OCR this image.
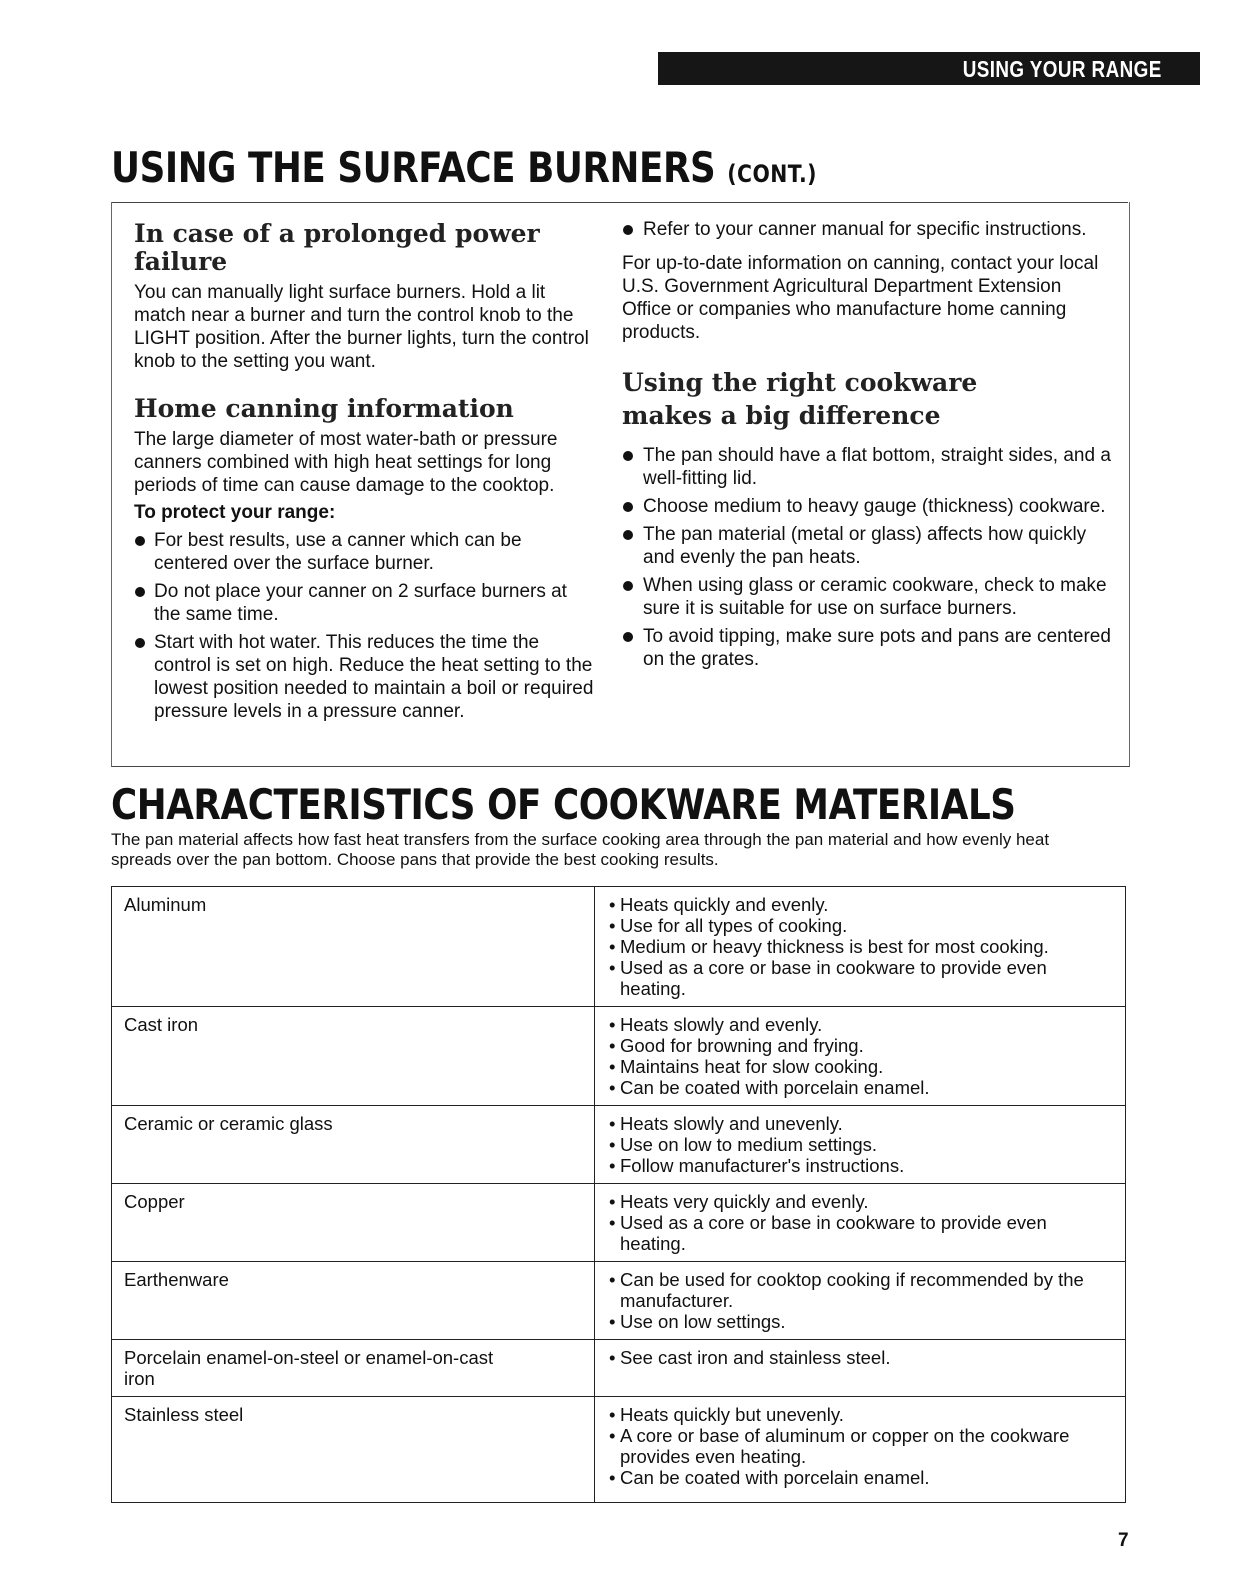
USING YOUR RANGE
USING THE SURFACE BURNERS (CONT.)
In case of a prolonged power failure

You can manually light surface burners. Hold a lit match near a burner and turn the control knob to the LIGHT position. After the burner lights, turn the control knob to the setting you want.

Home canning information

The large diameter of most water-bath or pressure canners combined with high heat settings for long periods of time can cause damage to the cooktop.

To protect your range:
For best results, use a canner which can be centered over the surface burner.
Do not place your canner on 2 surface burners at the same time.
Start with hot water. This reduces the time the control is set on high. Reduce the heat setting to the lowest position needed to maintain a boil or required pressure levels in a pressure canner.
Refer to your canner manual for specific instructions.

For up-to-date information on canning, contact your local U.S. Government Agricultural Department Extension Office or companies who manufacture home canning products.

Using the right cookware makes a big difference
The pan should have a flat bottom, straight sides, and a well-fitting lid.
Choose medium to heavy gauge (thickness) cookware.
The pan material (metal or glass) affects how quickly and evenly the pan heats.
When using glass or ceramic cookware, check to make sure it is suitable for use on surface burners.
To avoid tipping, make sure pots and pans are centered on the grates.
CHARACTERISTICS OF COOKWARE MATERIALS

The pan material affects how fast heat transfers from the surface cooking area through the pan material and how evenly heat spreads over the pan bottom. Choose pans that provide the best cooking results.

Aluminum	• Heats quickly and evenly.
• Use for all types of cooking.
• Medium or heavy thickness is best for most cooking.
• Used as a core or base in cookware to provide even heating.

Cast iron	• Heats slowly and evenly.
• Good for browning and frying.
• Maintains heat for slow cooking.
• Can be coated with porcelain enamel.

Ceramic or ceramic glass	• Heats slowly and unevenly.
• Use on low to medium settings.
• Follow manufacturer's instructions.

Copper	• Heats very quickly and evenly.
• Used as a core or base in cookware to provide even heating.

Earthenware	• Can be used for cooktop cooking if recommended by the manufacturer.
• Use on low settings.

Porcelain enamel-on-steel or enamel-on-cast iron	• See cast iron and stainless steel.

Stainless steel	• Heats quickly but unevenly.
• A core or base of aluminum or copper on the cookware provides even heating.
• Can be coated with porcelain enamel.
7
